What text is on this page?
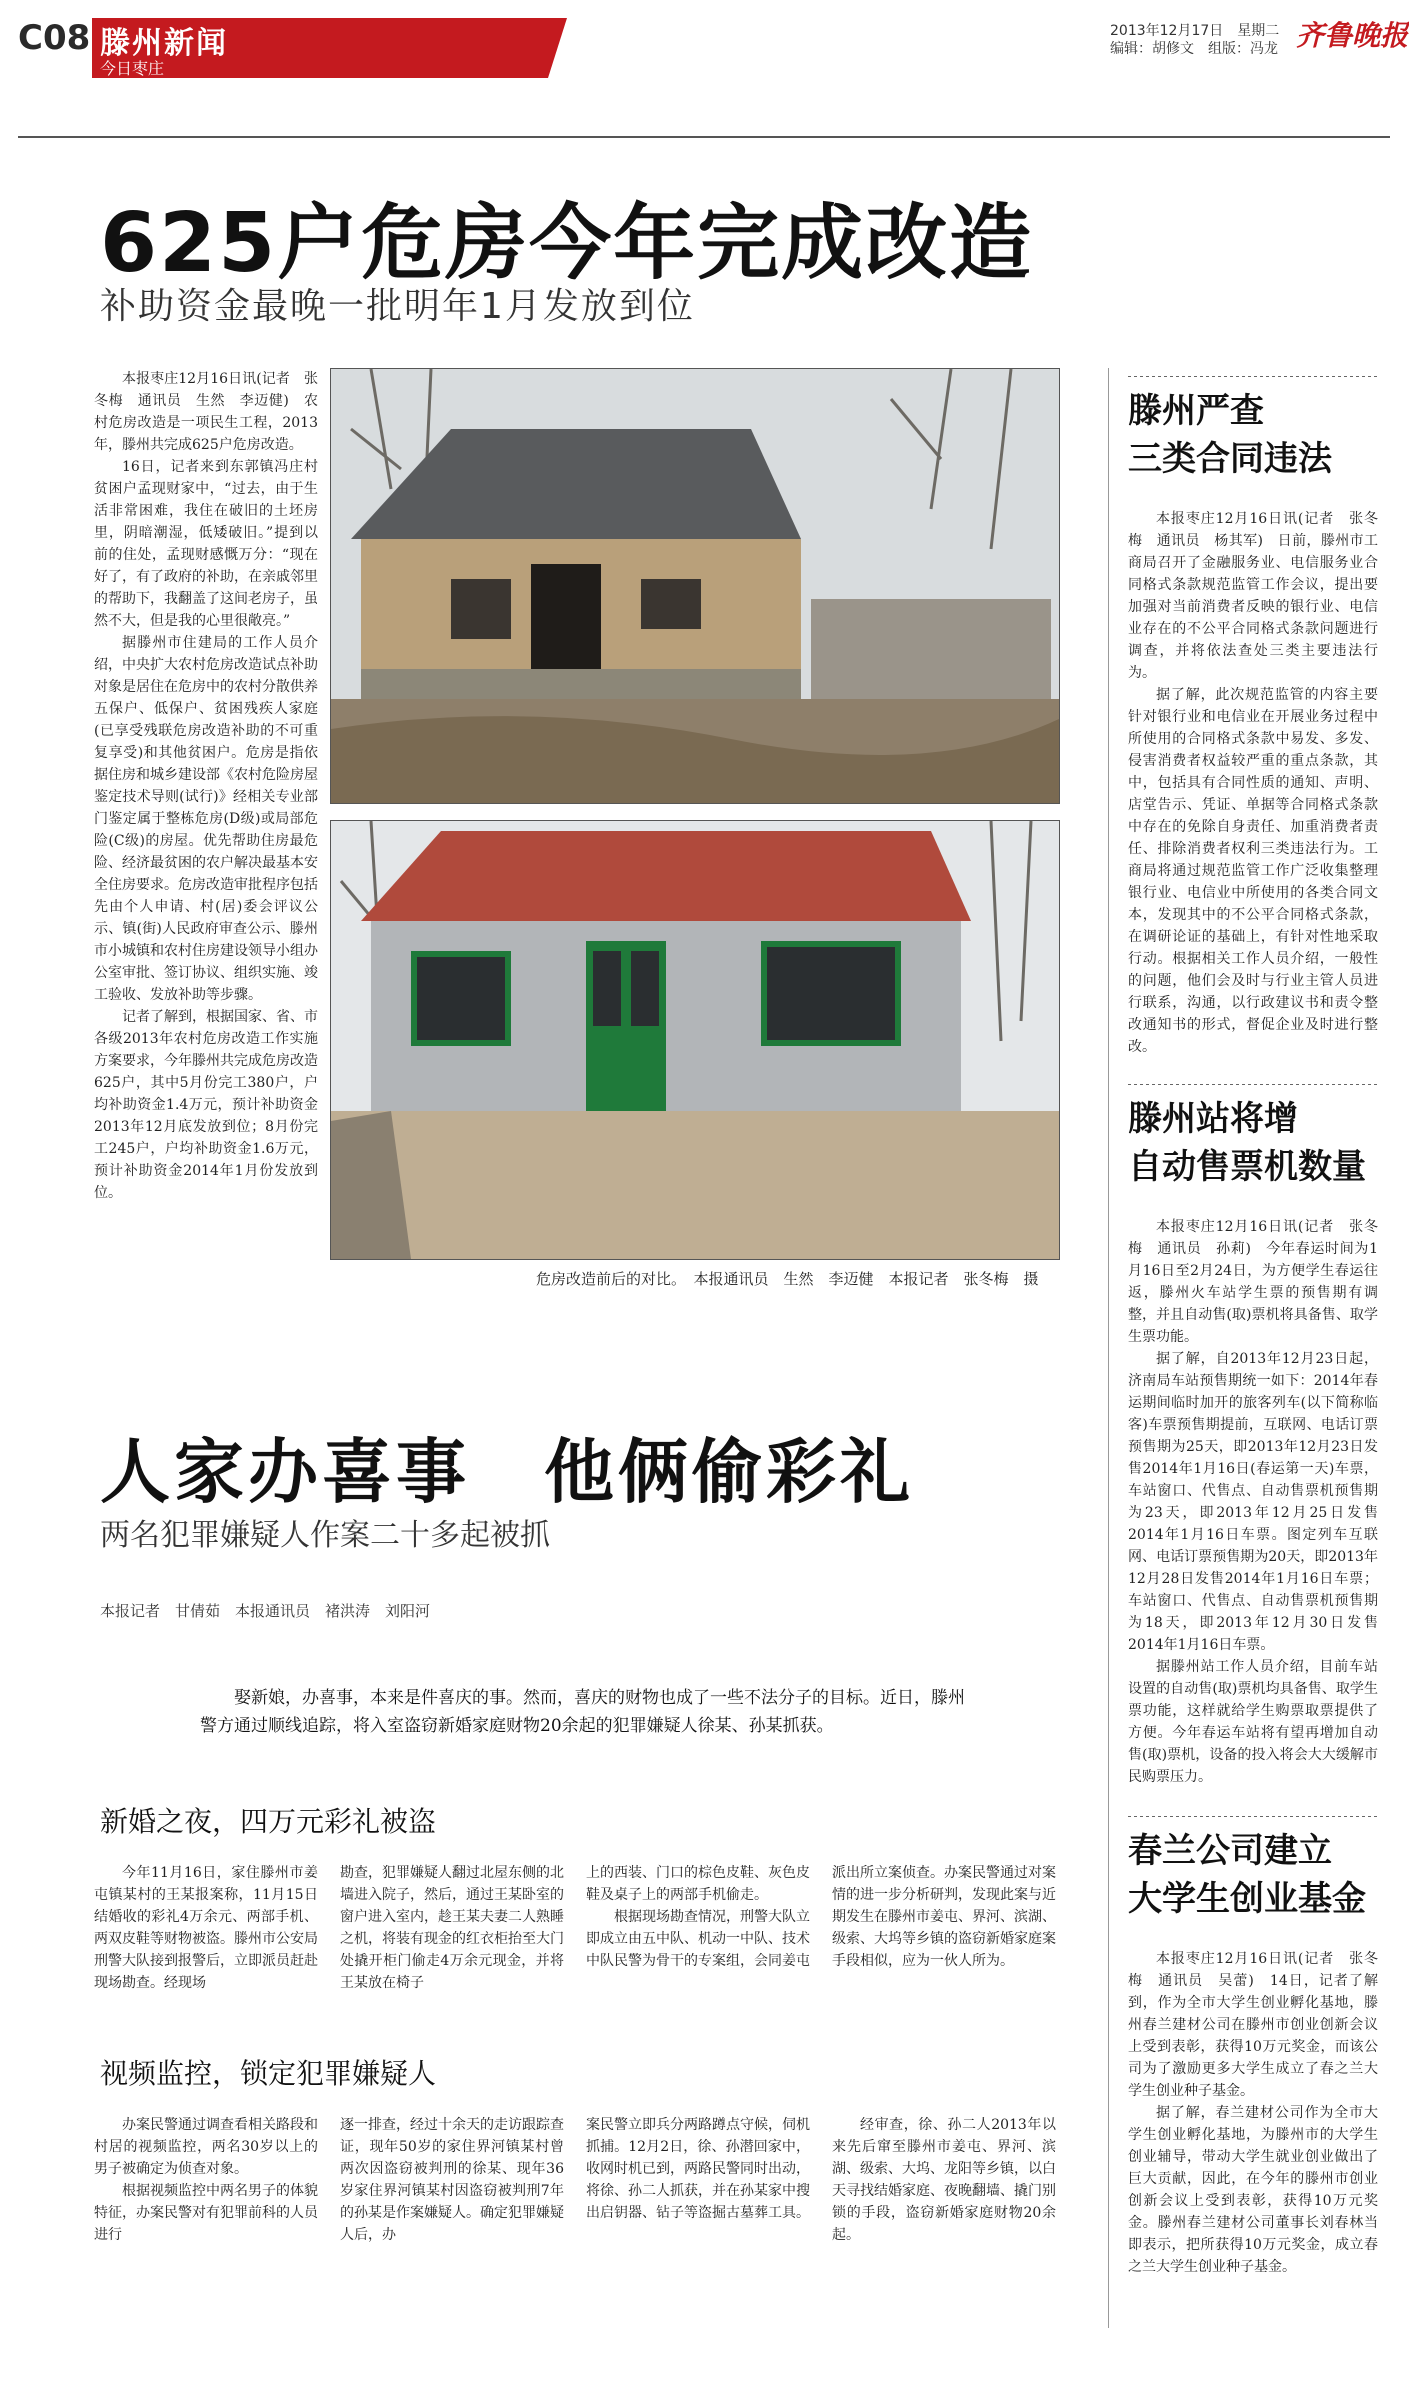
C08 滕州新闻
今日枣庄
2013年12月17日　星期二
编辑：胡修文　组版：冯龙 齐鲁晚报
625户危房今年完成改造
补助资金最晚一批明年1月发放到位

本报枣庄12月16日讯(记者　张冬梅　通讯员　生然　李迈健)　农村危房改造是一项民生工程，2013年，滕州共完成625户危房改造。

16日，记者来到东郭镇冯庄村贫困户孟现财家中，“过去，由于生活非常困难，我住在破旧的土坯房里，阴暗潮湿，低矮破旧。”提到以前的住处，孟现财感慨万分：“现在好了，有了政府的补助，在亲戚邻里的帮助下，我翻盖了这间老房子，虽然不大，但是我的心里很敞亮。”

据滕州市住建局的工作人员介绍，中央扩大农村危房改造试点补助对象是居住在危房中的农村分散供养五保户、低保户、贫困残疾人家庭(已享受残联危房改造补助的不可重复享受)和其他贫困户。危房是指依据住房和城乡建设部《农村危险房屋鉴定技术导则(试行)》经相关专业部门鉴定属于整栋危房(D级)或局部危险(C级)的房屋。优先帮助住房最危险、经济最贫困的农户解决最基本安全住房要求。危房改造审批程序包括先由个人申请、村(居)委会评议公示、镇(街)人民政府审查公示、滕州市小城镇和农村住房建设领导小组办公室审批、签订协议、组织实施、竣工验收、发放补助等步骤。

记者了解到，根据国家、省、市各级2013年农村危房改造工作实施方案要求，今年滕州共完成危房改造625户，其中5月份完工380户，户均补助资金1.4万元，预计补助资金2013年12月底发放到位；8月份完工245户，户均补助资金1.6万元，预计补助资金2014年1月份发放到位。

危房改造前后的对比。　本报通讯员　生然　李迈健　本报记者　张冬梅　摄
滕州严查
三类合同违法

本报枣庄12月16日讯(记者　张冬梅　通讯员　杨其军)　日前，滕州市工商局召开了金融服务业、电信服务业合同格式条款规范监管工作会议，提出要加强对当前消费者反映的银行业、电信业存在的不公平合同格式条款问题进行调查，并将依法查处三类主要违法行为。

据了解，此次规范监管的内容主要针对银行业和电信业在开展业务过程中所使用的合同格式条款中易发、多发、侵害消费者权益较严重的重点条款，其中，包括具有合同性质的通知、声明、店堂告示、凭证、单据等合同格式条款中存在的免除自身责任、加重消费者责任、排除消费者权利三类违法行为。工商局将通过规范监管工作广泛收集整理银行业、电信业中所使用的各类合同文本，发现其中的不公平合同格式条款，在调研论证的基础上，有针对性地采取行动。根据相关工作人员介绍，一般性的问题，他们会及时与行业主管人员进行联系，沟通，以行政建议书和责令整改通知书的形式，督促企业及时进行整改。

滕州站将增
自动售票机数量

本报枣庄12月16日讯(记者　张冬梅　通讯员　孙莉)　今年春运时间为1月16日至2月24日，为方便学生春运往返，滕州火车站学生票的预售期有调整，并且自动售(取)票机将具备售、取学生票功能。

据了解，自2013年12月23日起，济南局车站预售期统一如下：2014年春运期间临时加开的旅客列车(以下简称临客)车票预售期提前，互联网、电话订票预售期为25天，即2013年12月23日发售2014年1月16日(春运第一天)车票，车站窗口、代售点、自动售票机预售期为23天，即2013年12月25日发售2014年1月16日车票。图定列车互联网、电话订票预售期为20天，即2013年12月28日发售2014年1月16日车票；车站窗口、代售点、自动售票机预售期为18天，即2013年12月30日发售2014年1月16日车票。

据滕州站工作人员介绍，目前车站设置的自动售(取)票机均具备售、取学生票功能，这样就给学生购票取票提供了方便。今年春运车站将有望再增加自动售(取)票机，设备的投入将会大大缓解市民购票压力。

春兰公司建立
大学生创业基金

本报枣庄12月16日讯(记者　张冬梅　通讯员　吴蕾)　14日，记者了解到，作为全市大学生创业孵化基地，滕州春兰建材公司在滕州市创业创新会议上受到表彰，获得10万元奖金，而该公司为了激励更多大学生成立了春之兰大学生创业种子基金。

据了解，春兰建材公司作为全市大学生创业孵化基地，为滕州市的大学生创业辅导，带动大学生就业创业做出了巨大贡献，因此，在今年的滕州市创业创新会议上受到表彰，获得10万元奖金。滕州春兰建材公司董事长刘春林当即表示，把所获得10万元奖金，成立春之兰大学生创业种子基金。

人家办喜事　他俩偷彩礼
两名犯罪嫌疑人作案二十多起被抓
本报记者　甘倩茹　本报通讯员　褚洪涛　刘阳河

娶新娘，办喜事，本来是件喜庆的事。然而，喜庆的财物也成了一些不法分子的目标。近日，滕州警方通过顺线追踪，将入室盗窃新婚家庭财物20余起的犯罪嫌疑人徐某、孙某抓获。

新婚之夜，四万元彩礼被盗
今年11月16日，家住滕州市姜屯镇某村的王某报案称，11月15日结婚收的彩礼4万余元、两部手机、两双皮鞋等财物被盗。滕州市公安局刑警大队接到报警后，立即派员赶赴现场勘查。经现场
勘查，犯罪嫌疑人翻过北屋东侧的北墙进入院子，然后，通过王某卧室的窗户进入室内，趁王某夫妻二人熟睡之机，将装有现金的红衣柜抬至大门处撬开柜门偷走4万余元现金，并将王某放在椅子
上的西装、门口的棕色皮鞋、灰色皮鞋及桌子上的两部手机偷走。
　　根据现场勘查情况，刑警大队立即成立由五中队、机动一中队、技术中队民警为骨干的专案组，会同姜屯
派出所立案侦查。办案民警通过对案情的进一步分析研判，发现此案与近期发生在滕州市姜屯、界河、滨湖、级索、大坞等乡镇的盗窃新婚家庭案手段相似，应为一伙人所为。
视频监控，锁定犯罪嫌疑人
办案民警通过调查看相关路段和村居的视频监控，两名30岁以上的男子被确定为侦查对象。
　　根据视频监控中两名男子的体貌特征，办案民警对有犯罪前科的人员进行
逐一排查，经过十余天的走访跟踪查证，现年50岁的家住界河镇某村曾两次因盗窃被判刑的徐某、现年36岁家住界河镇某村因盗窃被判刑7年的孙某是作案嫌疑人。确定犯罪嫌疑人后，办
案民警立即兵分两路蹲点守候，伺机抓捕。12月2日，徐、孙潜回家中，收网时机已到，两路民警同时出动，将徐、孙二人抓获，并在孙某家中搜出启钥器、钻子等盗掘古墓葬工具。
经审查，徐、孙二人2013年以来先后窜至滕州市姜屯、界河、滨湖、级索、大坞、龙阳等乡镇，以白天寻找结婚家庭、夜晚翻墙、撬门别锁的手段，盗窃新婚家庭财物20余起。
